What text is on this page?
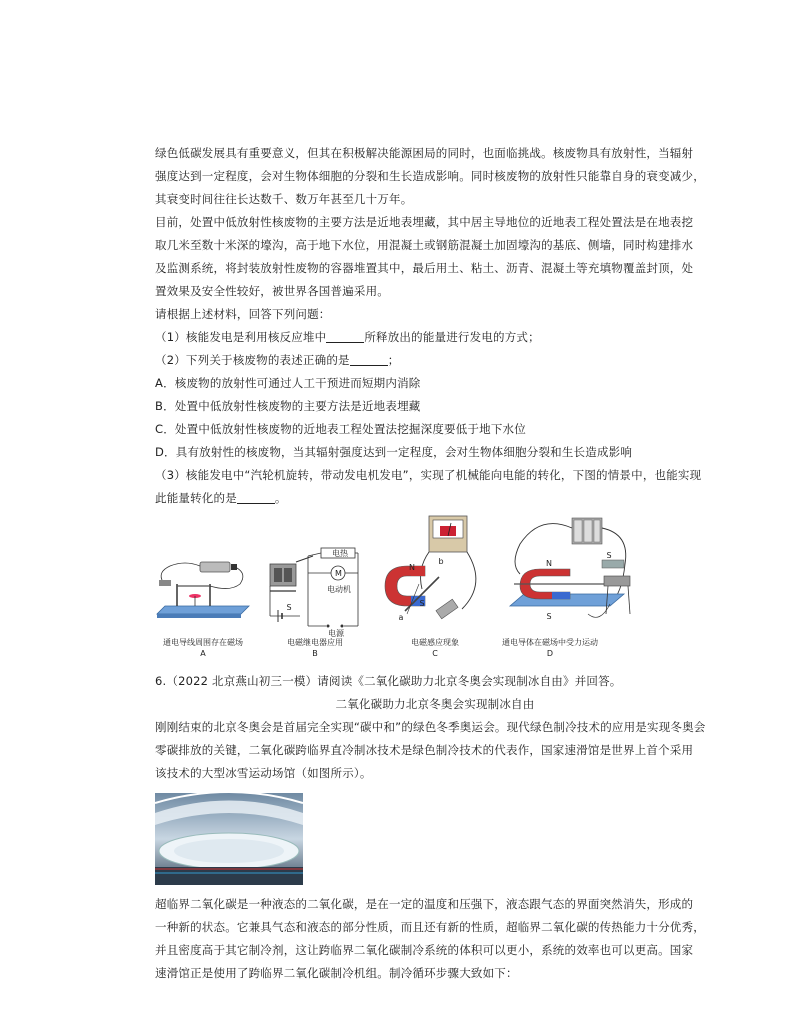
绿色低碳发展具有重要意义，但其在积极解决能源困局的同时，也面临挑战。核废物具有放射性，当辐射

强度达到一定程度，会对生物体细胞的分裂和生长造成影响。同时核废物的放射性只能靠自身的衰变减少，

其衰变时间往往长达数千、数万年甚至几十万年。

目前，处置中低放射性核废物的主要方法是近地表埋藏，其中居主导地位的近地表工程处置法是在地表挖

取几米至数十米深的壕沟，高于地下水位，用混凝土或钢筋混凝土加固壕沟的基底、侧墙，同时构建排水

及监测系统，将封装放射性废物的容器堆置其中，最后用土、粘土、沥青、混凝土等充填物覆盖封顶，处

置效果及安全性较好，被世界各国普遍采用。

请根据上述材料，回答下列问题：

（1）核能发电是利用核反应堆中	所释放出的能量进行发电的方式；

（2）下列关于核废物的表述正确的是	；

A．核废物的放射性可通过人工干预进而短期内消除

B．处置中低放射性核废物的主要方法是近地表埋藏

C．处置中低放射性核废物的近地表工程处置法挖掘深度要低于地下水位

D．具有放射性的核废物，当其辐射强度达到一定程度，会对生物体细胞分裂和生长造成影响

（3）核能发电中“汽轮机旋转，带动发电机发电”，实现了机械能向电能的转化，下图的情景中，也能实现

此能量转化的是	。

通电导线周围存在磁场
A
电热
M
电动机
S
电源
电磁继电器应用
B
N
S
a
b
电磁感应现象
C
N
S
S
通电导体在磁场中受力运动
D

6.（2022 北京燕山初三一模）请阅读《二氧化碳助力北京冬奥会实现制冰自由》并回答。

二氧化碳助力北京冬奥会实现制冰自由

刚刚结束的北京冬奥会是首届完全实现“碳中和”的绿色冬季奥运会。现代绿色制冷技术的应用是实现冬奥会

零碳排放的关键，二氧化碳跨临界直冷制冰技术是绿色制冷技术的代表作，国家速滑馆是世界上首个采用

该技术的大型冰雪运动场馆（如图所示）。

超临界二氧化碳是一种液态的二氧化碳，是在一定的温度和压强下，液态跟气态的界面突然消失，形成的

一种新的状态。它兼具气态和液态的部分性质，而且还有新的性质，超临界二氧化碳的传热能力十分优秀，

并且密度高于其它制冷剂，这让跨临界二氧化碳制冷系统的体积可以更小，系统的效率也可以更高。国家

速滑馆正是使用了跨临界二氧化碳制冷机组。制冷循环步骤大致如下：
